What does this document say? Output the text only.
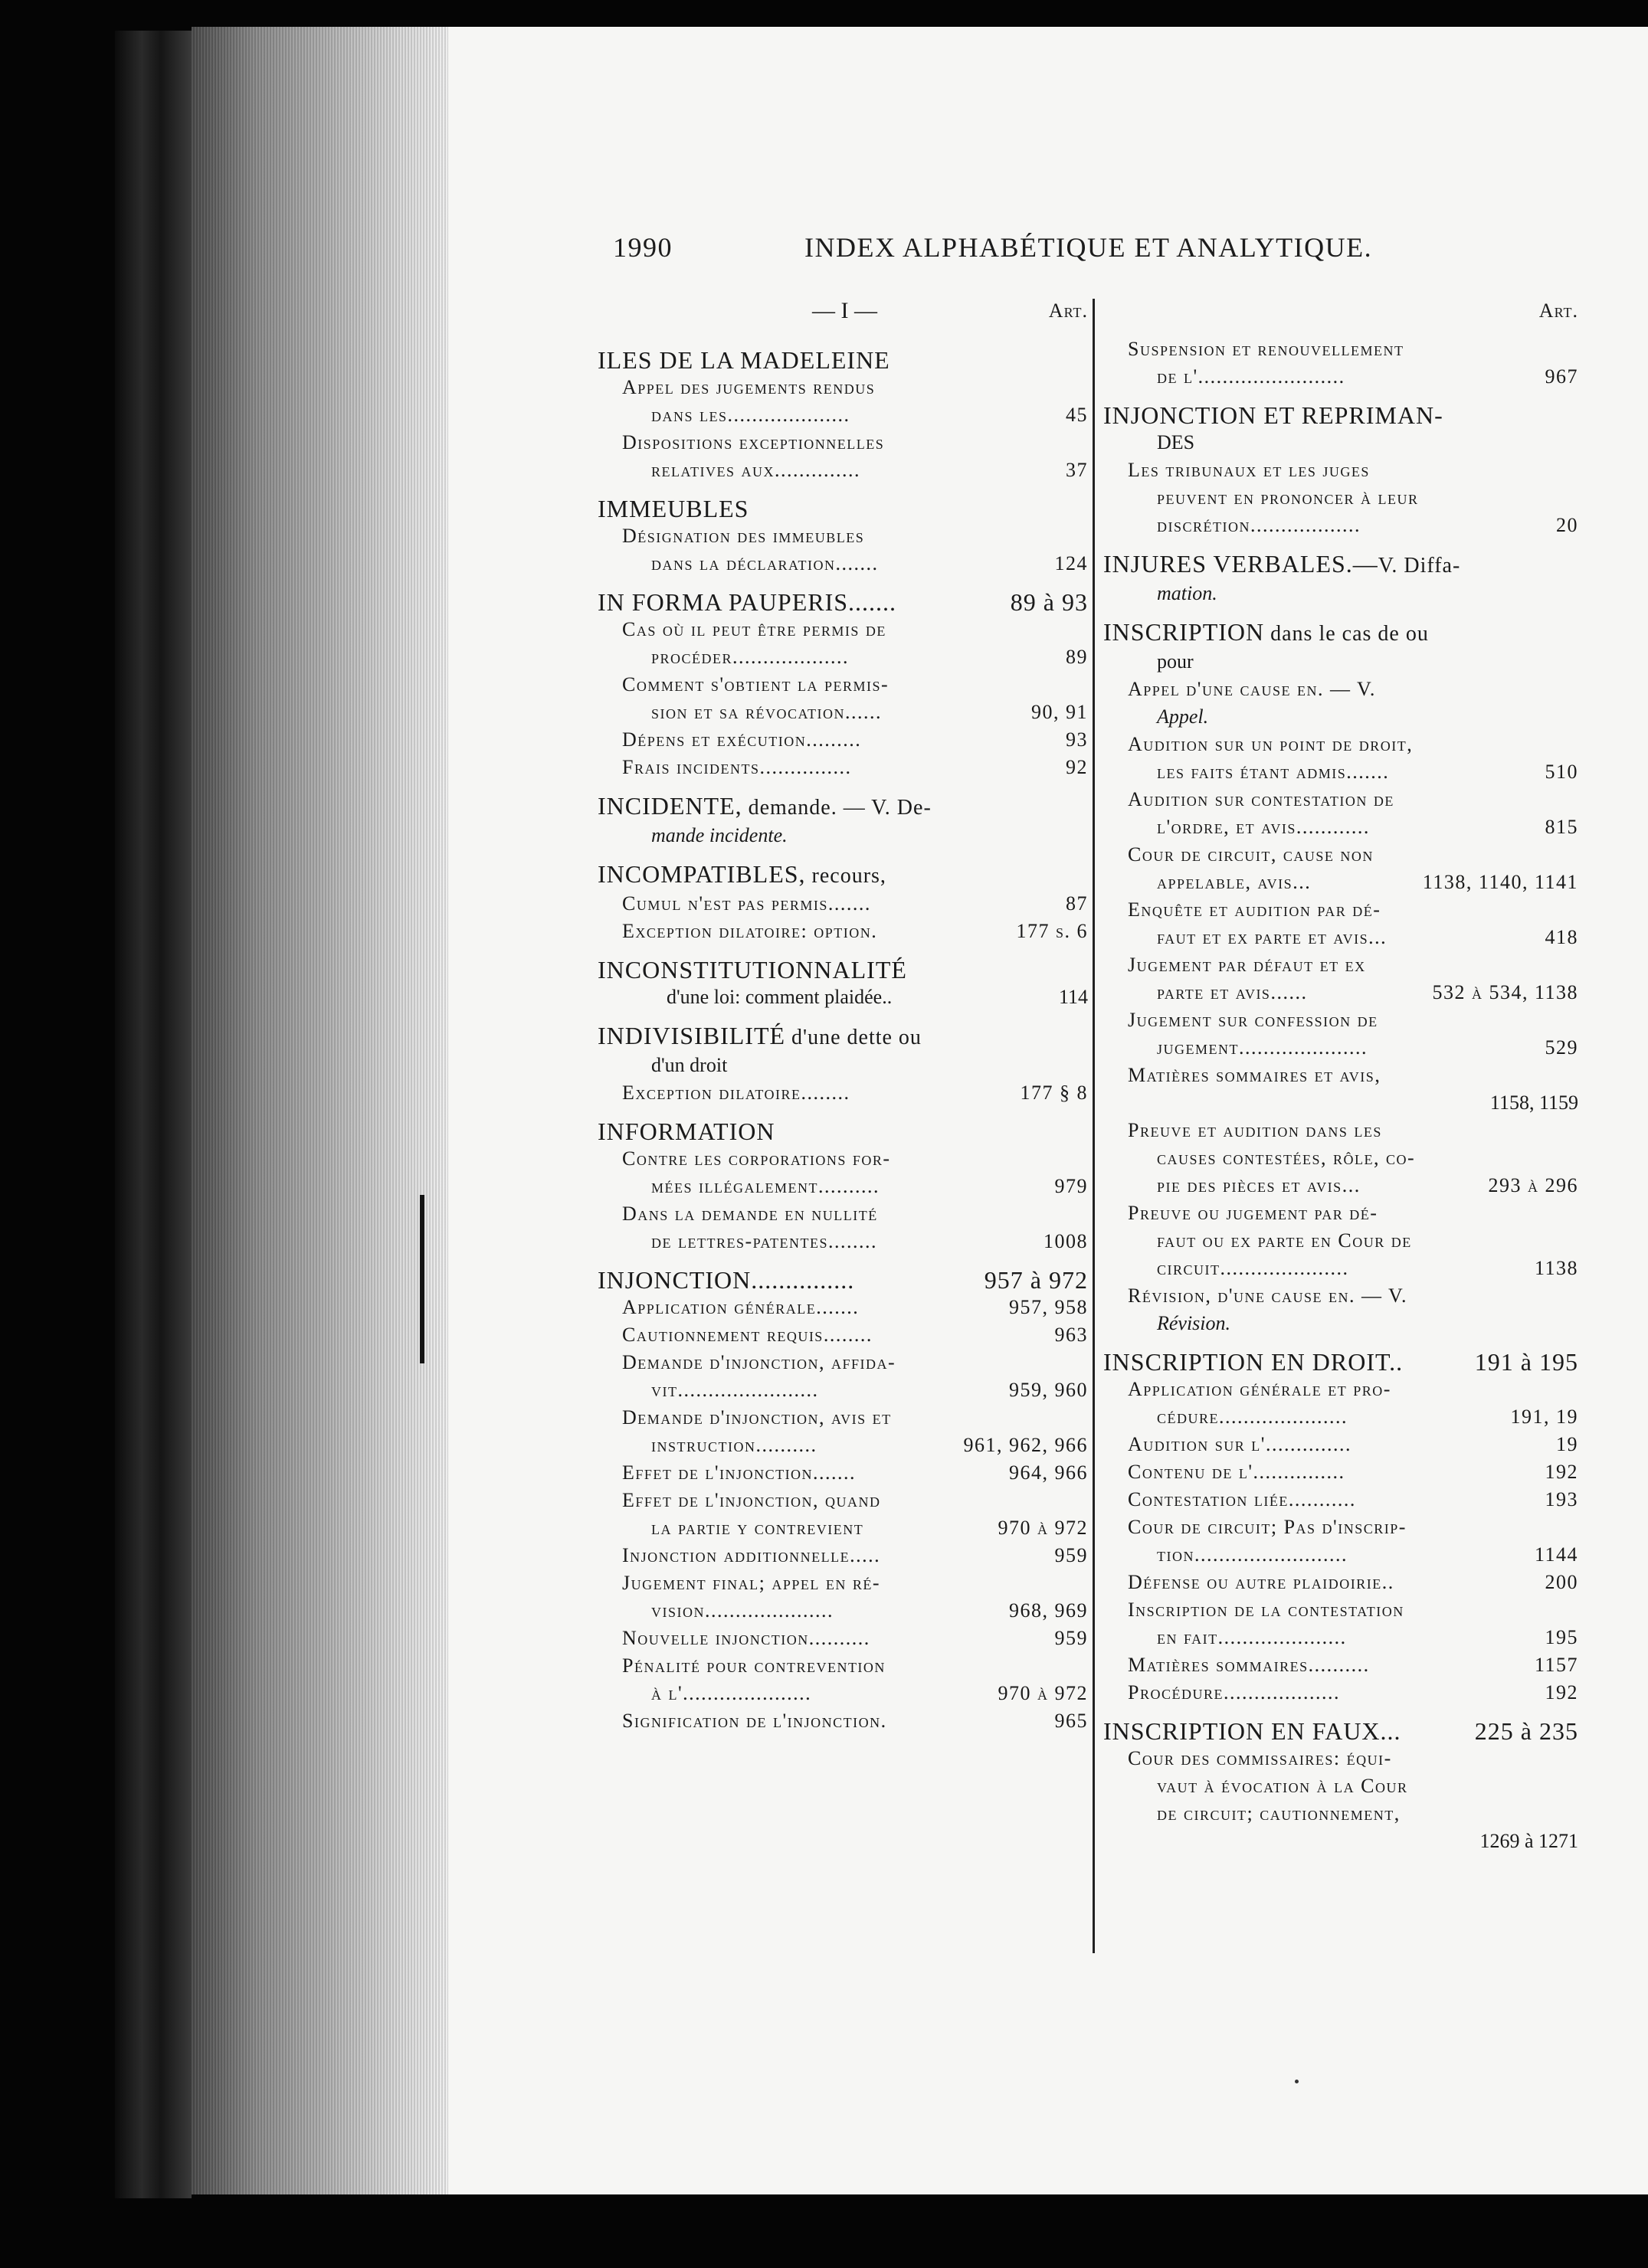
1990	INDEX ALPHABÉTIQUE ET ANALYTIQUE.
— I —	Art.
ILES DE LA MADELEINE
Appel des jugements rendus
dans les....................	45
Dispositions exceptionnelles
relatives aux..............	37
IMMEUBLES
Désignation des immeubles
dans la déclaration.......	124
IN FORMA PAUPERIS.......	89 à 93
Cas où il peut être permis de
procéder...................	89
Comment s'obtient la permis-
sion et sa révocation......	90, 91
Dépens et exécution.........	93
Frais incidents...............	92
INCIDENTE, demande. — V. De-
mande incidente.
INCOMPATIBLES, recours,
Cumul n'est pas permis.......	87
Exception dilatoire: option.	177 s. 6
INCONSTITUTIONNALITÉ
d'une loi: comment plaidée..	114
INDIVISIBILITÉ d'une dette ou
d'un droit
Exception dilatoire........	177 § 8
INFORMATION
Contre les corporations for-
mées illégalement..........	979
Dans la demande en nullité
de lettres-patentes........	1008
INJONCTION...............	957 à 972
Application générale.......	957, 958
Cautionnement requis........	963
Demande d'injonction, affida-
vit.......................	959, 960
Demande d'injonction, avis et
instruction..........	961, 962, 966
Effet de l'injonction.......	964, 966
Effet de l'injonction, quand
la partie y contrevient	970 à 972
Injonction additionnelle.....	959
Jugement final; appel en ré-
vision.....................	968, 969
Nouvelle injonction..........	959
Pénalité pour contrevention
à l'.....................	970 à 972
Signification de l'injonction.	965
Art.
Suspension et renouvellement
de l'........................	967
INJONCTION ET REPRIMAN-
DES
Les tribunaux et les juges
peuvent en prononcer à leur
discrétion..................	20
INJURES VERBALES.—V. Diffa-
mation.
INSCRIPTION dans le cas de ou
pour
Appel d'une cause en. — V.
Appel.
Audition sur un point de droit,
les faits étant admis.......	510
Audition sur contestation de
l'ordre, et avis............	815
Cour de circuit, cause non
appelable, avis...	1138, 1140, 1141
Enquête et audition par dé-
faut et ex parte et avis...	418
Jugement par défaut et ex
parte et avis......	532 à 534, 1138
Jugement sur confession de
jugement.....................	529
Matières sommaires et avis,
1158, 1159
Preuve et audition dans les
causes contestées, rôle, co-
pie des pièces et avis...	293 à 296
Preuve ou jugement par dé-
faut ou ex parte en Cour de
circuit.....................	1138
Révision, d'une cause en. — V.
Révision.
INSCRIPTION EN DROIT..	191 à 195
Application générale et pro-
cédure.....................	191, 19
Audition sur l'..............	19
Contenu de l'...............	192
Contestation liée...........	193
Cour de circuit; Pas d'inscrip-
tion.........................	1144
Défense ou autre plaidoirie..	200
Inscription de la contestation
en fait.....................	195
Matières sommaires..........	1157
Procédure...................	192
INSCRIPTION EN FAUX...	225 à 235
Cour des commissaires: équi-
vaut à évocation à la Cour
de circuit; cautionnement,
1269 à 1271
